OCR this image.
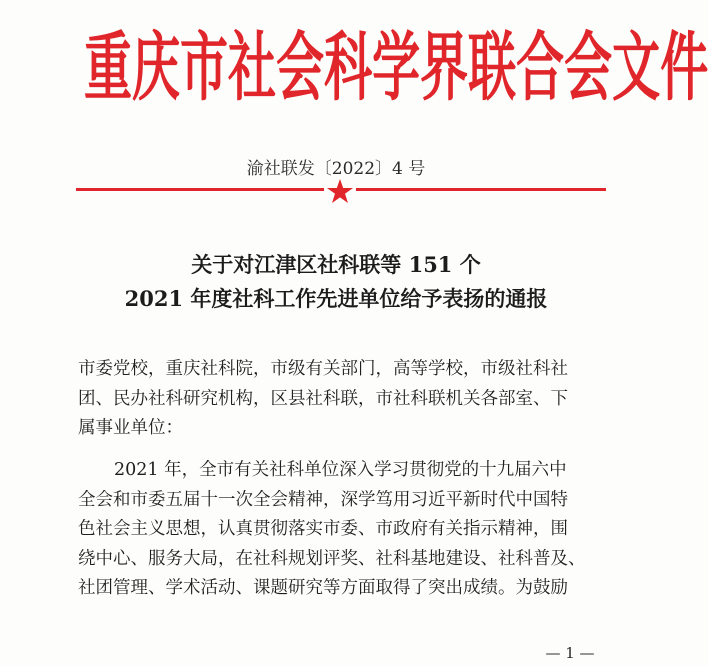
重 庆 市 社 会 科 学 界 联 合 会 文 件
渝社联发〔2022〕4 号
关于对江津区社科联等 151 个
2021 年度社科工作先进单位给予表扬的通报
市委党校，重庆社科院，市级有关部门，高等学校，市级社科社
团、民办社科研究机构，区县社科联，市社科联机关各部室、下
属事业单位：
2021 年，全市有关社科单位深入学习贯彻党的十九届六中
全会和市委五届十一次全会精神，深学笃用习近平新时代中国特
色社会主义思想，认真贯彻落实市委、市政府有关指示精神，围
绕中心、服务大局，在社科规划评奖、社科基地建设、社科普及、
社团管理、学术活动、课题研究等方面取得了突出成绩。为鼓励
— 1 —
